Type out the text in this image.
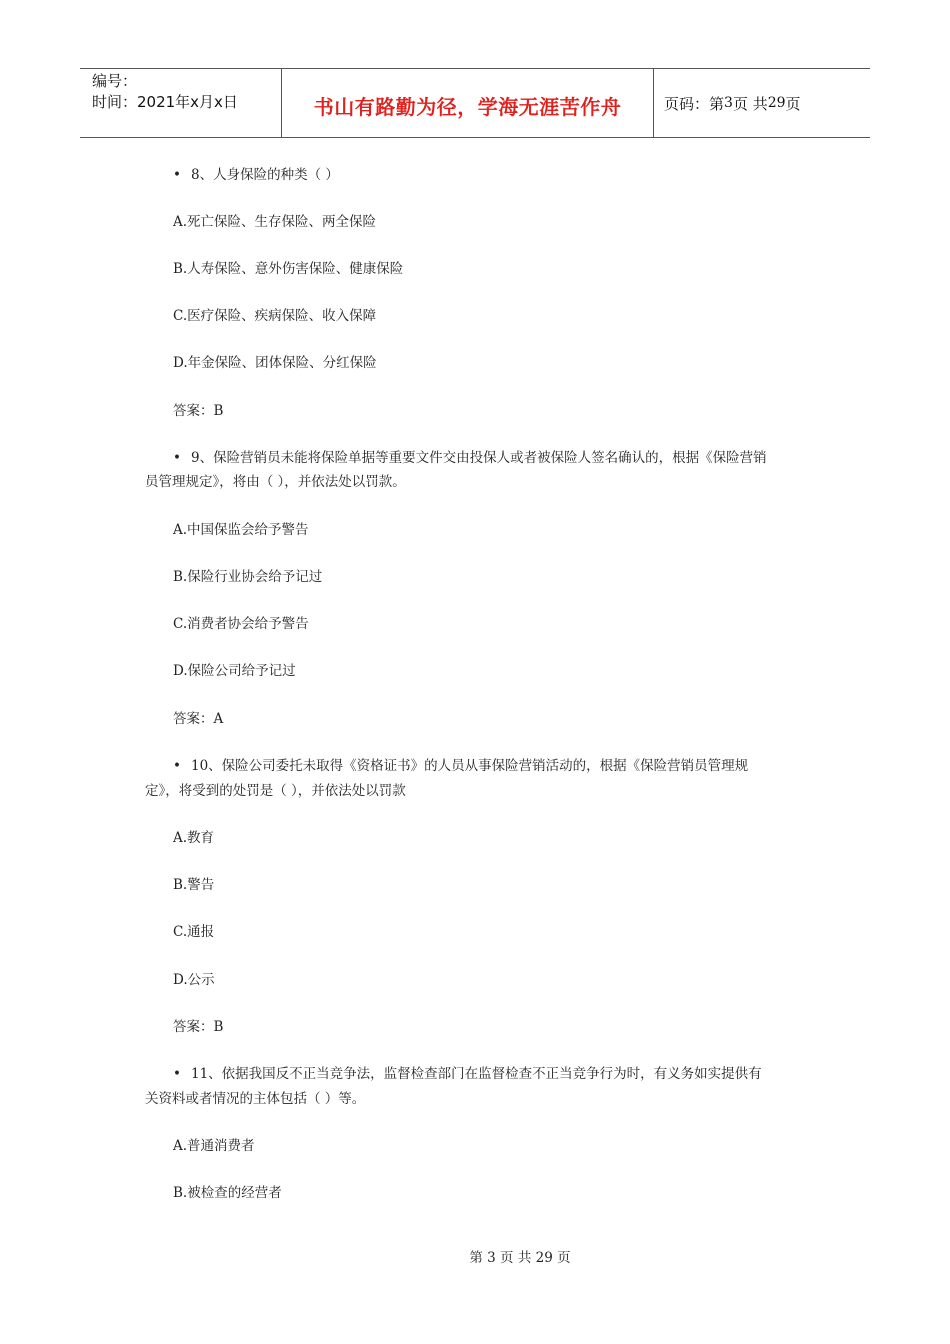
编号：
时间：2021年x月x日	书山有路勤为径，学海无涯苦作舟	页码：第 3 页 共 29 页
• 8、人身保险的种类（ ）
A.死亡保险、生存保险、两全保险
B.人寿保险、意外伤害保险、健康保险
C.医疗保险、疾病保险、收入保障
D.年金保险、团体保险、分红保险
答案：B
• 9、保险营销员未能将保险单据等重要文件交由投保人或者被保险人签名确认的，根据《保险营销
员管理规定》，将由（ ），并依法处以罚款。
A.中国保监会给予警告
B.保险行业协会给予记过
C.消费者协会给予警告
D.保险公司给予记过
答案：A
• 10、保险公司委托未取得《资格证书》的人员从事保险营销活动的，根据《保险营销员管理规
定》，将受到的处罚是（ ），并依法处以罚款
A.教育
B.警告
C.通报
D.公示
答案：B
• 11、依据我国反不正当竞争法，监督检查部门在监督检查不正当竞争行为时，有义务如实提供有
关资料或者情况的主体包括（ ）等。
A.普通消费者
B.被检查的经营者
第 3 页 共 29 页
